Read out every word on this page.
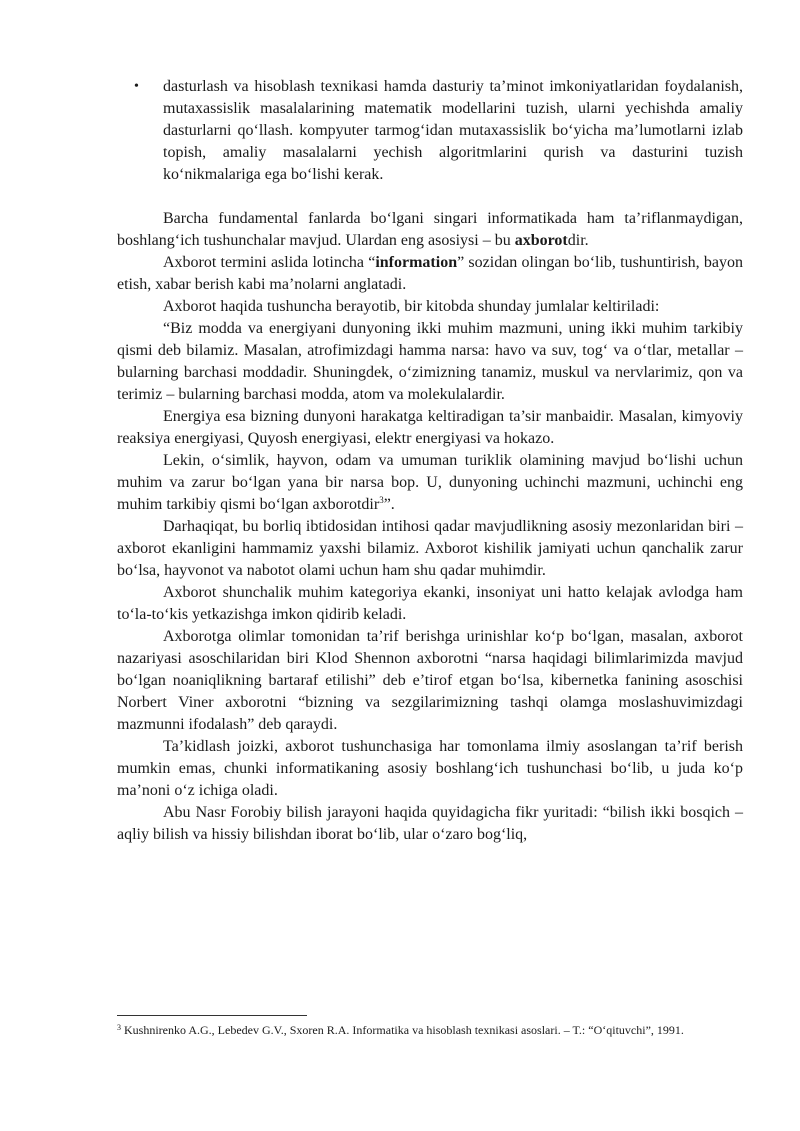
•	dasturlash va hisoblash texnikasi hamda dasturiy ta’minot imkoniyatlaridan foydalanish, mutaxassislik masalalarining matematik modellarini tuzish, ularni yechishda amaliy dasturlarni qo‘llash. kompyuter tarmog‘idan mutaxassislik bo‘yicha ma’lumotlarni izlab topish, amaliy masalalarni yechish algoritmlarini qurish va dasturini tuzish ko‘nikmalariga ega bo‘lishi kerak.

Barcha fundamental fanlarda bo‘lgani singari informatikada ham ta’riflanmaydigan, boshlang‘ich tushunchalar mavjud. Ulardan eng asosiysi – bu axborotdir.

Axborot termini aslida lotincha “information” sozidan olingan bo‘lib, tushuntirish, bayon etish, xabar berish kabi ma’nolarni anglatadi.

Axborot haqida tushuncha berayotib, bir kitobda shunday jumlalar keltiriladi:

“Biz modda va energiyani dunyoning ikki muhim mazmuni, uning ikki muhim tarkibiy qismi deb bilamiz. Masalan, atrofimizdagi hamma narsa: havo va suv, tog‘ va o‘tlar, metallar – bularning barchasi moddadir. Shuningdek, o‘zimizning tanamiz, muskul va nervlarimiz, qon va terimiz – bularning barchasi modda, atom va molekulalardir.

Energiya esa bizning dunyoni harakatga keltiradigan ta’sir manbaidir. Masalan, kimyoviy reaksiya energiyasi, Quyosh energiyasi, elektr energiyasi va hokazo.

Lekin, o‘simlik, hayvon, odam va umuman turiklik olamining mavjud bo‘lishi uchun muhim va zarur bo‘lgan yana bir narsa bop. U, dunyoning uchinchi mazmuni, uchinchi eng muhim tarkibiy qismi bo‘lgan axborotdir$^3$”.

Darhaqiqat, bu borliq ibtidosidan intihosi qadar mavjudlikning asosiy mezonlaridan biri – axborot ekanligini hammamiz yaxshi bilamiz. Axborot kishilik jamiyati uchun qanchalik zarur bo‘lsa, hayvonot va nabotot olami uchun ham shu qadar muhimdir.

Axborot shunchalik muhim kategoriya ekanki, insoniyat uni hatto kelajak avlodga ham to‘la-to‘kis yetkazishga imkon qidirib keladi.

Axborotga olimlar tomonidan ta’rif berishga urinishlar ko‘p bo‘lgan, masalan, axborot nazariyasi asoschilaridan biri Klod Shennon axborotni “narsa haqidagi bilimlarimizda mavjud bo‘lgan noaniqlikning bartaraf etilishi” deb e’tirof etgan bo‘lsa, kibernetka fanining asoschisi Norbert Viner axborotni “bizning va sezgilarimizning tashqi olamga moslashuvimizdagi mazmunni ifodalash” deb qaraydi.

Ta’kidlash joizki, axborot tushunchasiga har tomonlama ilmiy asoslangan ta’rif berish mumkin emas, chunki informatikaning asosiy boshlang‘ich tushunchasi bo‘lib, u juda ko‘p ma’noni o‘z ichiga oladi.

Abu Nasr Forobiy bilish jarayoni haqida quyidagicha fikr yuritadi: “bilish ikki bosqich – aqliy bilish va hissiy bilishdan iborat bo‘lib, ular o‘zaro bog‘liq,

$^3$ Kushnirenko A.G., Lebedev G.V., Sxoren R.A. Informatika va hisoblash texnikasi asoslari. – T.: “O‘qituvchi”, 1991.
